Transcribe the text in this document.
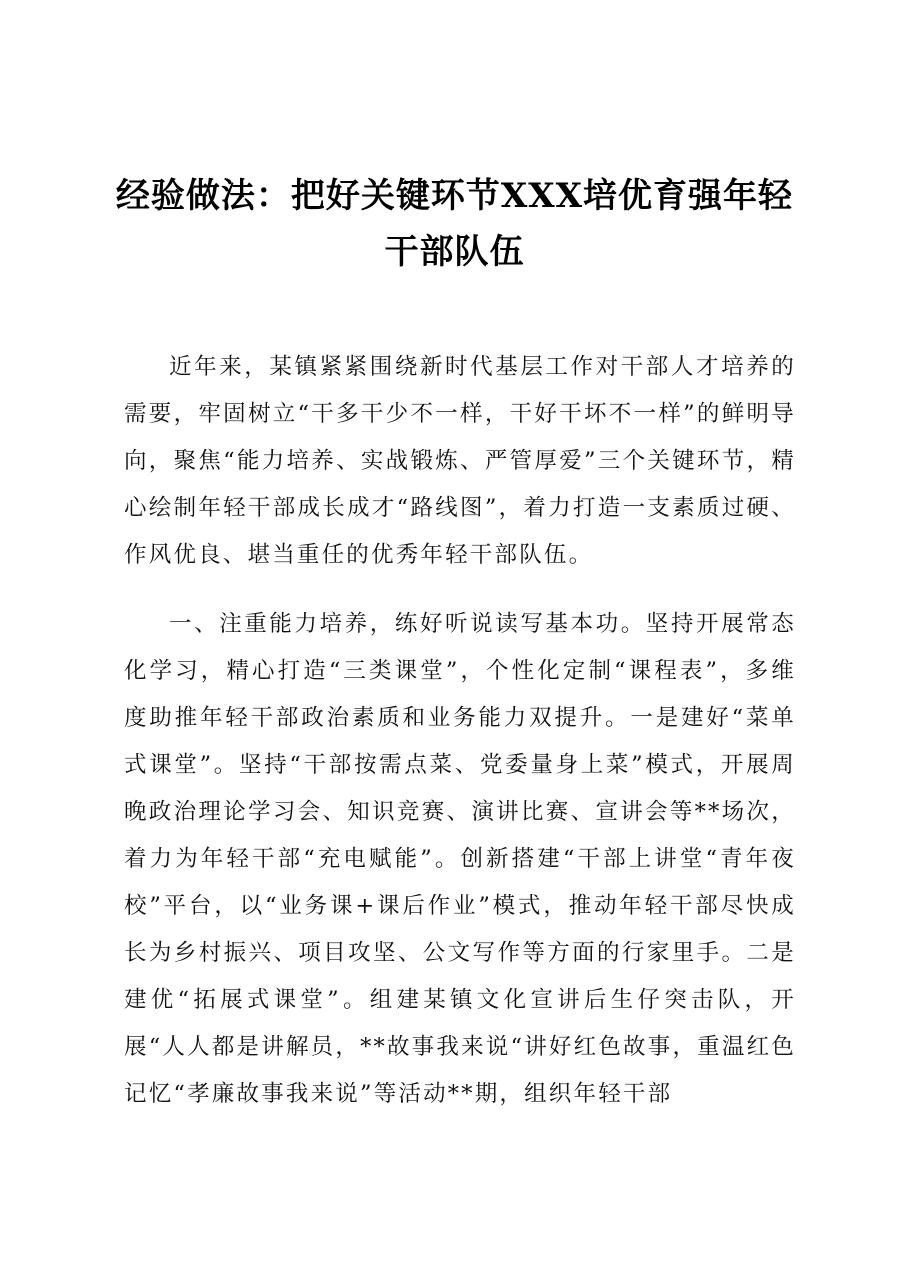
经验做法：把好关键环节XXX培优育强年轻干部队伍

近年来，某镇紧紧围绕新时代基层工作对干部人才培养的需要，牢固树立“干多干少不一样，干好干坏不一样”的鲜明导向，聚焦“能力培养、实战锻炼、严管厚爱”三个关键环节，精心绘制年轻干部成长成才“路线图”，着力打造一支素质过硬、作风优良、堪当重任的优秀年轻干部队伍。

一、注重能力培养，练好听说读写基本功。坚持开展常态化学习，精心打造“三类课堂”，个性化定制“课程表”，多维度助推年轻干部政治素质和业务能力双提升。一是建好“菜单式课堂”。坚持“干部按需点菜、党委量身上菜”模式，开展周晚政治理论学习会、知识竞赛、演讲比赛、宣讲会等**场次，着力为年轻干部“充电赋能”。创新搭建“干部上讲堂“青年夜校”平台，以“业务课+课后作业”模式，推动年轻干部尽快成长为乡村振兴、项目攻坚、公文写作等方面的行家里手。二是建优“拓展式课堂”。组建某镇文化宣讲后生仔突击队，开展“人人都是讲解员，**故事我来说“讲好红色故事，重温红色记忆“孝廉故事我来说”等活动**期，组织年轻干部
